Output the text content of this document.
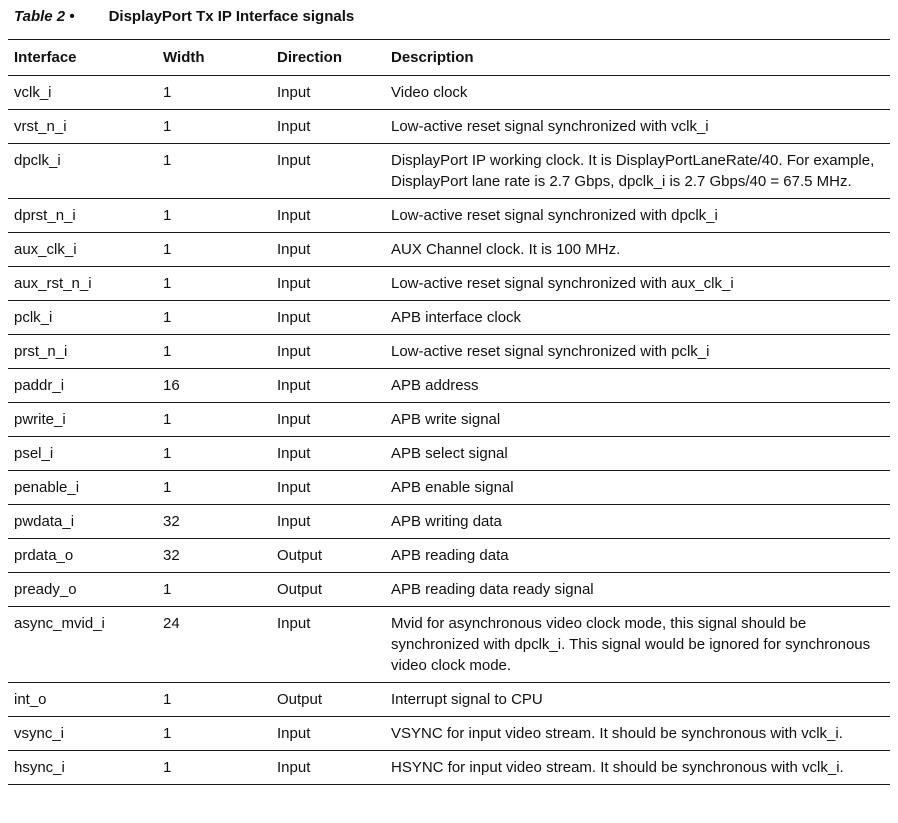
Table 2 • DisplayPort Tx IP Interface signals
Interface	Width	Direction	Description
vclk_i	1	Input	Video clock
vrst_n_i	1	Input	Low-active reset signal synchronized with vclk_i
dpclk_i	1	Input	DisplayPort IP working clock. It is DisplayPortLaneRate/40. For example, DisplayPort lane rate is 2.7 Gbps, dpclk_i is 2.7 Gbps/40 = 67.5 MHz.
dprst_n_i	1	Input	Low-active reset signal synchronized with dpclk_i
aux_clk_i	1	Input	AUX Channel clock. It is 100 MHz.
aux_rst_n_i	1	Input	Low-active reset signal synchronized with aux_clk_i
pclk_i	1	Input	APB interface clock
prst_n_i	1	Input	Low-active reset signal synchronized with pclk_i
paddr_i	16	Input	APB address
pwrite_i	1	Input	APB write signal
psel_i	1	Input	APB select signal
penable_i	1	Input	APB enable signal
pwdata_i	32	Input	APB writing data
prdata_o	32	Output	APB reading data
pready_o	1	Output	APB reading data ready signal
async_mvid_i	24	Input	Mvid for asynchronous video clock mode, this signal should be synchronized with dpclk_i. This signal would be ignored for synchronous video clock mode.
int_o	1	Output	Interrupt signal to CPU
vsync_i	1	Input	VSYNC for input video stream. It should be synchronous with vclk_i.
hsync_i	1	Input	HSYNC for input video stream. It should be synchronous with vclk_i.
